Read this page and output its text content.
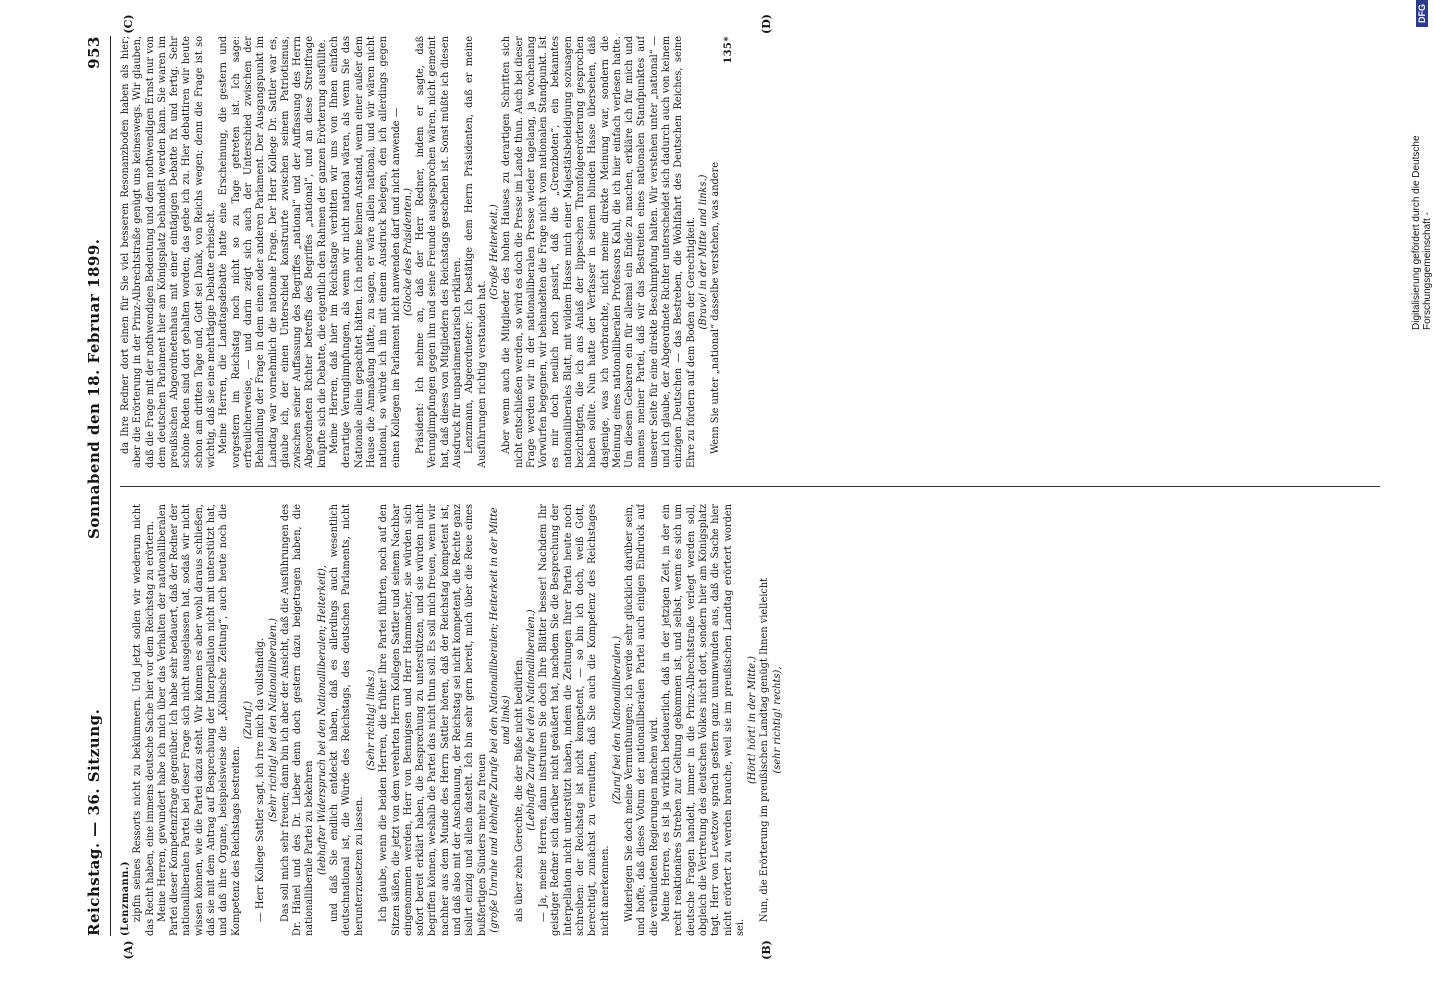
Reichstag. — 36. Sitzung.
Sonnabend den 18. Februar 1899.
953
(A)	(B)
(C)	(D)

(Lenzmann.) zipfin seines Ressorts nicht zu bekümmern. Und jetzt sollen wir wiederum nicht das Recht haben, eine immens deutsche Sache hier vor dem Reichstag zu erörtern. Meine Herren, gewundert habe ich mich über das Verhalten der nationalliberalen Partei dieser Kompetenzfrage gegenüber. Ich habe sehr bedauert, daß der Redner der nationalliberalen Partei bei dieser Frage sich nicht ausgelassen hat, sodaß wir nicht wissen können, wie die Partei dazu steht. Wir können es aber wohl daraus schließen, daß sie mit dem Antrag auf Besprechung der Interpellation nicht mit unterstützt hat, und daß ihre Organe, beispielsweise die „Kölnische Zeitung“, auch heute noch die Kompetenz des Reichstags bestreiten.

(Zuruf.) — Herr Kollege Sattler sagt, ich irre mich da vollständig. (Sehr richtig! bei den Nationalliberalen.) Das soll mich sehr freuen; dann bin ich aber der Ansicht, daß die Ausführungen des Dr. Hänel und des Dr. Lieber denn doch gestern dazu beigetragen haben, die nationalliberale Partei zu bekehren (lebhafter Widerspruch bei den Nationalliberalen; Heiterkeit), und daß Sie endlich entdeckt haben, daß es allerdings auch wesentlich deutschnational ist, die Würde des Reichstags, des deutschen Parlaments, nicht herunterzusetzen zu lassen.

(Sehr richtig! links.) Ich glaube, wenn die beiden Herren, die früher Ihre Partei führten, noch auf den Sitzen säßen, die jetzt von dem verehrten Herrn Kollegen Sattler und seinem Nachbar eingenommen werden, Herr von Bennigsen und Herr Hammacher, sie würden sich sofort bereit erklärt haben, die Besprechung zu unterstützen, und sie würden nicht begriffen können, weshalb die Partei das nicht thun soll. Es soll mich freuen, wenn wir nachher aus dem Munde des Herrn Sattler hören, daß der Reichstag kompetent ist, und daß also mit der Anschauung, der Reichstag sei nicht kompetent, die Rechte ganz isolirt einzig und allein dasteht. Ich bin sehr gern bereit, mich über die Reue eines bußfertigen Sünders mehr zu freuen (große Unruhe und lebhafte Zurufe bei den Nationalliberalen; Heiterkeit in der Mitte und links) als über zehn Gerechte, die der Buße nicht bedürfen. (Lebhafte Zurufe bei den Nationalliberalen.) — Ja, meine Herren, dann instruiren Sie doch Ihre Blätter besser! Nachdem Ihr geistiger Redner sich darüber nicht geäußert hat, nachdem Sie die Besprechung der Interpellation nicht unterstützt haben, indem die Zeitungen Ihrer Partei heute noch schreiben: der Reichstag ist nicht kompetent, — so bin ich doch, weiß Gott, berechtigt, zunächst zu vermuthen, daß Sie auch die Kompetenz des Reichstages nicht anerkennen.

(Zuruf bei den Nationalliberalen.) Widerlegen Sie doch meine Vermuthungen; ich werde sehr glücklich darüber sein, und hoffe, daß dieses Votum der nationalliberalen Partei auch einigen Eindruck auf die verbündeten Regierungen machen wird. Meine Herren, es ist ja wirklich bedauerlich, daß in der jetzigen Zeit, in der ein recht reaktionäres Streben zur Geltung gekommen ist, und selbst, wenn es sich um deutsche Fragen handelt, immer in die Prinz-Albrechtstraße verlegt werden soll, obgleich die Vertretung des deutschen Volkes nicht dort, sondern hier am Königsplatz tagt. Herr von Levetzow sprach gestern ganz unumwunden aus, daß die Sache hier nicht erörtert zu werden brauche, weil sie im preußischen Landtag erörtert worden sei.

(Hört! hört! in der Mitte.) Nun, die Erörterung im preußischen Landtag genügt Ihnen vielleicht (sehr richtig! rechts),

da Ihre Redner dort einen für Sie viel besseren Resonanzboden haben als hier; aber die Erörterung in der Prinz-Albrechtstraße genügt uns keineswegs. Wir glauben, daß die Frage mit der nothwendigen Bedeutung und dem nothwendigen Ernst nur von dem deutschen Parlament hier am Königsplatz behandelt werden kann. Sie waren im preußischen Abgeordnetenhaus mit einer eintägigen Debatte fix und fertig. Sehr schöne Reden sind dort gehalten worden; das gebe ich zu. Hier debattiren wir heute schon am dritten Tage und, Gott sei Dank, von Reichs wegen; denn die Frage ist so wichtig, daß sie eine mehrtägige Debatte erheischt. Meine Herren, die Landtagsdebatte hatte eine Erscheinung, die gestern und vorgestern im Reichstag noch nicht so zu Tage getreten ist. Ich sage: erfreulicherweise, — und darin zeigt sich auch der Unterschied zwischen der Behandlung der Frage in dem einen oder anderen Parlament. Der Ausgangspunkt im Landtag war vornehmlich die nationale Frage. Der Herr Kollege Dr. Sattler war es, glaube ich, der einen Unterschied konstruirte zwischen seinem Patriotismus, zwischen seiner Auffassung des Begriffes „national“ und der Auffassung des Herrn Abgeordneten Richter betreffs des Begriffes „national“, und an diese Streitfrage knüpfte sich die Debatte, die eigentlich den Rahmen der ganzen Erörterung ausfüllte. Meine Herren, daß hier im Reichstage verbitten wir uns von Ihnen einfach derartige Verunglimpfungen, als wenn wir nicht national wären, als wenn Sie das Nationale allein gepachtet hätten. Ich nehme keinen Anstand, wenn einer außer dem Hause die Anmaßung hätte, zu sagen, er wäre allein national, und wir wären nicht national, so würde ich ihn mit einem Ausdruck belegen, den ich allerdings gegen einen Kollegen im Parlament nicht anwenden darf und nicht anwende — (Glocke des Präsidenten.) Präsident: Ich nehme an, daß der Herr Redner, indem er sagte, daß Verunglimpfungen gegen ihn und seine Freunde ausgesprochen wären, nicht gemeint hat, daß dieses von Mitgliedern des Reichstags geschehen ist. Sonst müßte ich diesen Ausdruck für unparlamentarisch erklären. Lenzmann, Abgeordneter: Ich bestätige dem Herrn Präsidenten, daß er meine Ausführungen richtig verstanden hat.

(Große Heiterkeit.) Aber wenn auch die Mitglieder des hohen Hauses zu derartigen Schritten sich nicht entschließen werden, so wird es doch die Presse im Lande thun. Auch bei dieser Frage werden wir in der nationalliberalen Presse wieder tagelang, ja wochenlang Vorwürfen begegnen, wir behandelten die Frage nicht vom nationalen Standpunkt. Ist es mir doch neulich noch passirt, daß die „Grenzboten“, ein bekanntes nationalliberales Blatt, mit wildem Hasse mich einer Majestätsbeleidigung sozusagen bezichtigten, die ich aus Anlaß der lippeschen Thronfolgeerörterung gesprochen haben sollte. Nun hatte der Verfasser in seinem blinden Hasse übersehen, daß dasjenige, was ich vorbrachte, nicht meine direkte Meinung war, sondern die Meinung eines nationalliberalen Professors Kahl, die ich hier einfach verlesen hatte. Um diesem Gebaren ein für allemal ein Ende zu machen, erkläre ich für mich und namens meiner Partei, daß wir das Bestreiten eines nationalen Standpunktes auf unserer Seite für eine direkte Beschimpfung halten. Wir verstehen unter „national“ — und ich glaube, der Abgeordnete Richter unterscheidet sich dadurch auch von keinem einzigen Deutschen — das Bestreben, die Wohlfahrt des Deutschen Reiches, seine Ehre zu fördern auf dem Boden der Gerechtigkeit. (Bravo! in der Mitte und links.) Wenn Sie unter „national“ dasselbe verstehen, was andere

135*

Digitalisierung gefördert durch die Deutsche Forschungsgemeinschaft -
DFG
